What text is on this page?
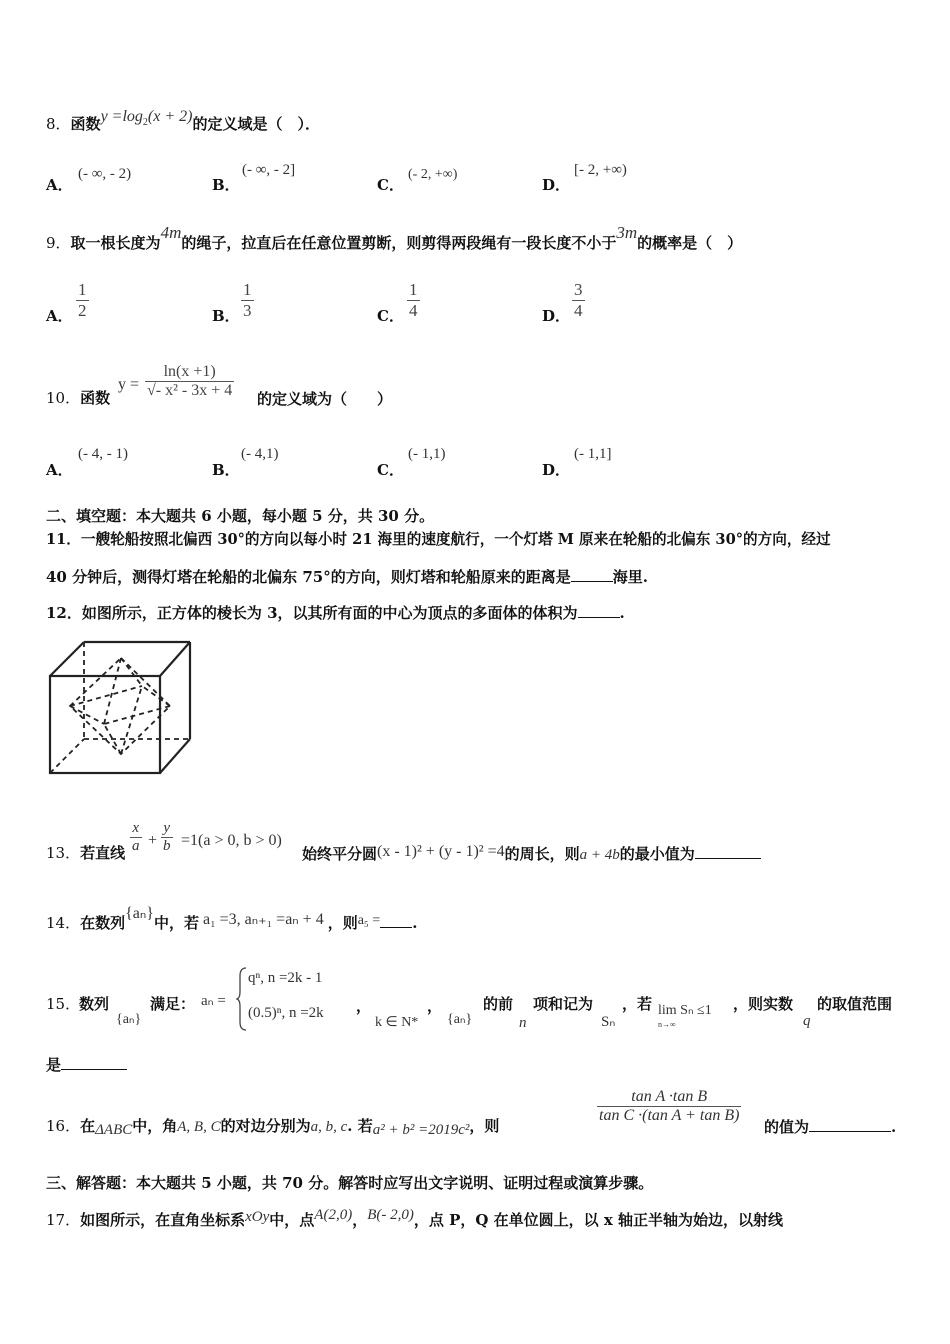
8．函数$y =\log_2(x + 2)$的定义域是（　）．
A．
(- ∞, - 2)
B．
(- ∞, - 2]
C．
(- 2, +∞)
D．
[- 2, +∞)
9．取一根长度为4m的绳子，拉直后在任意位置剪断，则剪得两段绳有一段长度不小于3m的概率是（　）
A．
1
2	B．
1
3	C．
1
4	D．
3
4
10．函数
y =
ln(x +1)
√- x² - 3x + 4 的定义域为（　　）
A．
(- 4, - 1)
B．
(- 4,1)
C．
(- 1,1)
D．
(- 1,1]
二、填空题：本大题共 6 小题，每小题 5 分，共 30 分。
11．一艘轮船按照北偏西 30°的方向以每小时 21 海里的速度航行，一个灯塔 M 原来在轮船的北偏东 30°的方向，经过
40 分钟后，测得灯塔在轮船的北偏东 75°的方向，则灯塔和轮船原来的距离是	海里.
12．如图所示，正方体的棱长为 3，以其所有面的中心为顶点的多面体的体积为	.
13．若直线
x
a +
y
b =1(a > 0, b > 0)
始终平分圆(x - 1)² + (y - 1)² =4的周长，则a + 4b的最小值为
14．在数列{aₙ}中，若 a₁ =3, aₙ₊₁ =aₙ + 4 ，则a₅ = .
15．
数列
{aₙ}
满足： aₙ =
qⁿ, n =2k - 1
(0.5)ⁿ, n =2k ，
k ∈ N*
，
{aₙ}
的前
n
项和记为
Sₙ
，若 lim Sₙ ≤1
n→∞
，则实数
q
的取值范围
是
16．在ΔABC中，角A, B, C的对边分别为a, b, c. 若a² + b² =2019c²，则
tan A ·tan B
tan C ·(tan A + tan B)
的值为	.
三、解答题：本大题共 5 小题，共 70 分。解答时应写出文字说明、证明过程或演算步骤。
17．如图所示，在直角坐标系xOy中，点A(2,0)，B(- 2,0)，点 P，Q 在单位圆上，以 x 轴正半轴为始边，以射线
